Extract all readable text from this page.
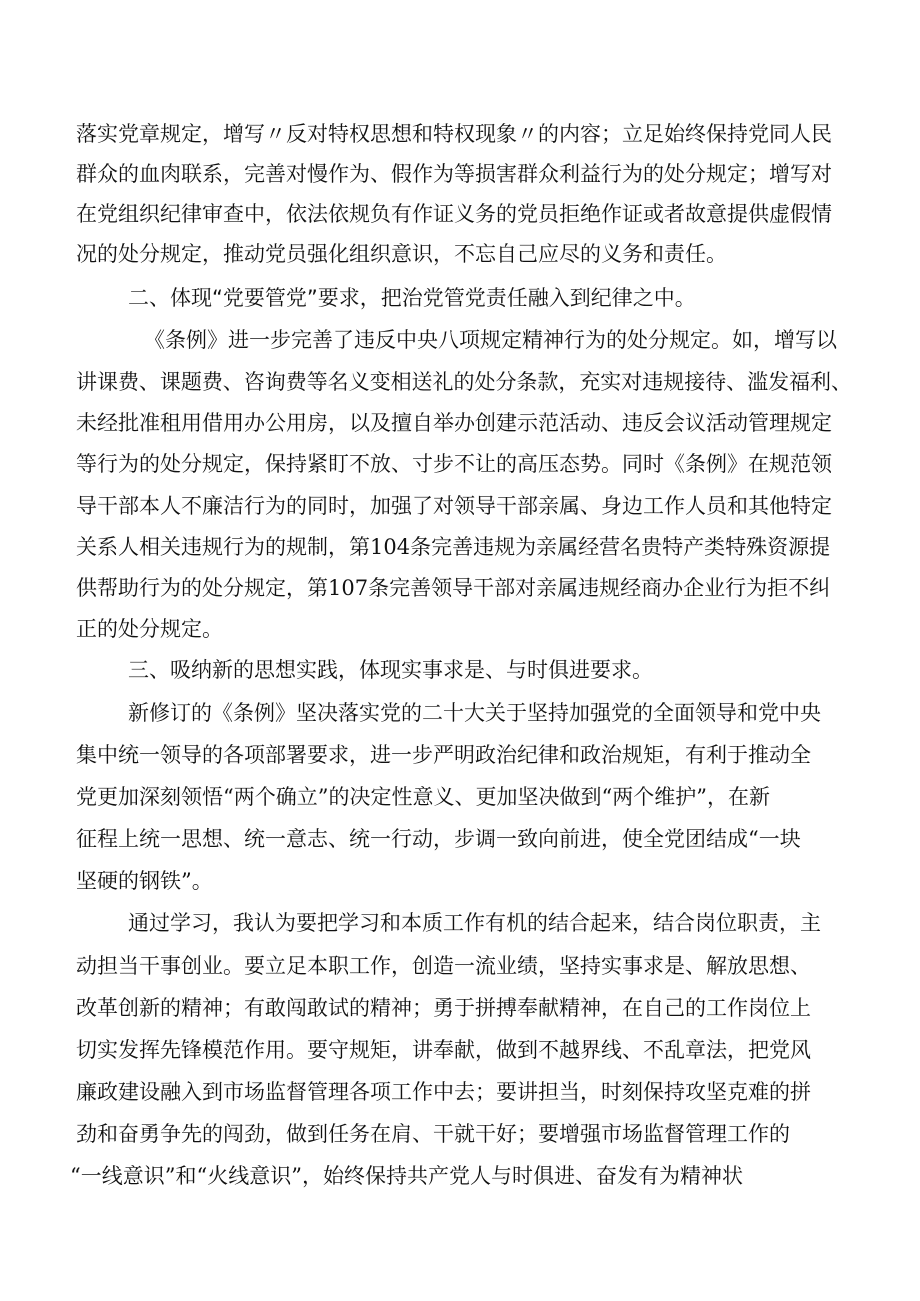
落实党章规定，增写〃反对特权思想和特权现象〃的内容；立足始终保持党同人民
群众的血肉联系，完善对慢作为、假作为等损害群众利益行为的处分规定；增写对
在党组织纪律审查中，依法依规负有作证义务的党员拒绝作证或者故意提供虚假情
况的处分规定，推动党员强化组织意识，不忘自己应尽的义务和责任。
二、体现“党要管党”要求，把治党管党责任融入到纪律之中。
《条例》进一步完善了违反中央八项规定精神行为的处分规定。如，增写以
讲课费、课题费、咨询费等名义变相送礼的处分条款，充实对违规接待、滥发福利、
未经批准租用借用办公用房，以及擅自举办创建示范活动、违反会议活动管理规定
等行为的处分规定，保持紧盯不放、寸步不让的高压态势。同时《条例》在规范领
导干部本人不廉洁行为的同时，加强了对领导干部亲属、身边工作人员和其他特定
关系人相关违规行为的规制，第104条完善违规为亲属经营名贵特产类特殊资源提
供帮助行为的处分规定，第107条完善领导干部对亲属违规经商办企业行为拒不纠
正的处分规定。
三、吸纳新的思想实践，体现实事求是、与时俱进要求。
新修订的《条例》坚决落实党的二十大关于坚持加强党的全面领导和党中央
集中统一领导的各项部署要求，进一步严明政治纪律和政治规矩，有利于推动全
党更加深刻领悟“两个确立”的决定性意义、更加坚决做到“两个维护”，在新
征程上统一思想、统一意志、统一行动，步调一致向前进，使全党团结成“一块
坚硬的钢铁”。
通过学习，我认为要把学习和本质工作有机的结合起来，结合岗位职责，主
动担当干事创业。要立足本职工作，创造一流业绩，坚持实事求是、解放思想、
改革创新的精神；有敢闯敢试的精神；勇于拼搏奉献精神，在自己的工作岗位上
切实发挥先锋模范作用。要守规矩，讲奉献，做到不越界线、不乱章法，把党风
廉政建设融入到市场监督管理各项工作中去；要讲担当，时刻保持攻坚克难的拼
劲和奋勇争先的闯劲，做到任务在肩、干就干好；要增强市场监督管理工作的
“一线意识”和“火线意识”，始终保持共产党人与时俱进、奋发有为精神状
